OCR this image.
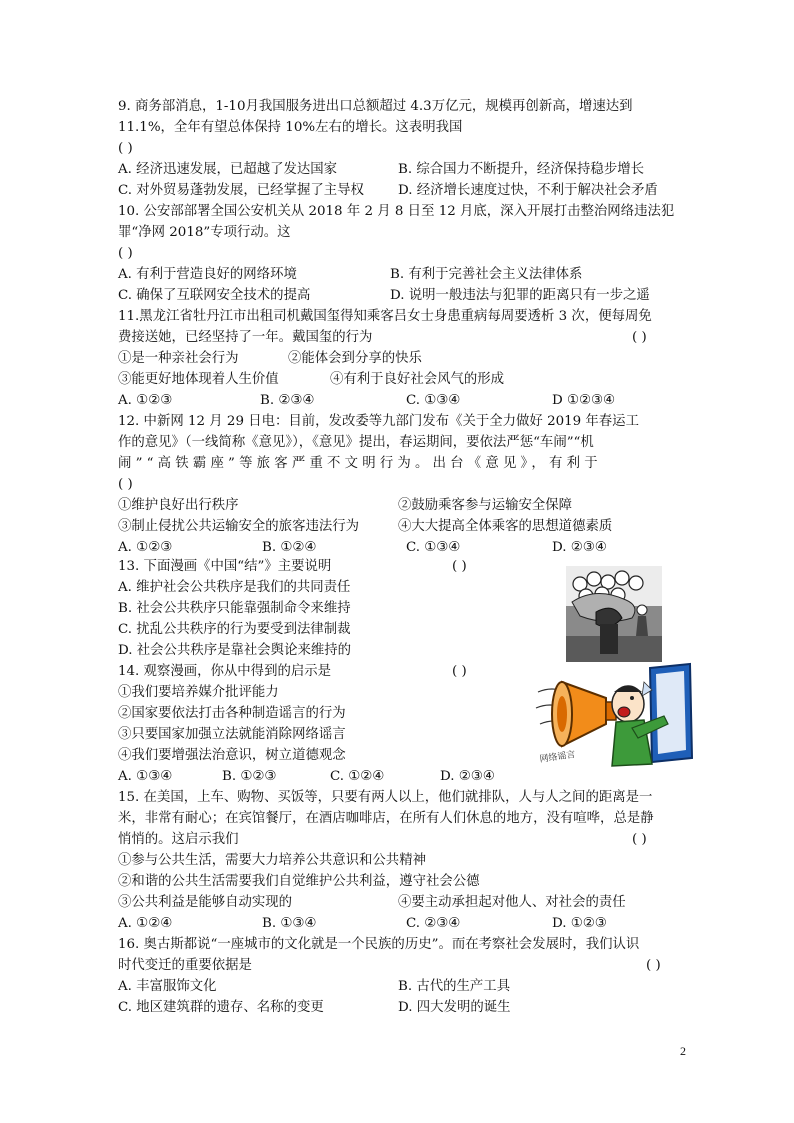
9. 商务部消息，1-10月我国服务进出口总额超过 4.3万亿元，规模再创新高，增速达到
11.1%，全年有望总体保持 10%左右的增长。这表明我国
( )
A. 经济迅速发展，已超越了发达国家	B. 综合国力不断提升，经济保持稳步增长
C. 对外贸易蓬勃发展，已经掌握了主导权	D. 经济增长速度过快，不利于解决社会矛盾
10. 公安部部署全国公安机关从 2018 年 2 月 8 日至 12 月底，深入开展打击整治网络违法犯
罪“净网 2018”专项行动。这
( )
A. 有利于营造良好的网络环境	B. 有利于完善社会主义法律体系
C. 确保了互联网安全技术的提高	D. 说明一般违法与犯罪的距离只有一步之遥
11.黑龙江省牡丹江市出租司机戴国玺得知乘客吕女士身患重病每周要透析 3 次，便每周免
费接送她，已经坚持了一年。戴国玺的行为	( )
①是一种亲社会行为	②能体会到分享的快乐
③能更好地体现着人生价值	④有利于良好社会风气的形成
A. ①②③	B. ②③④	C. ①③④	D ①②③④
12. 中新网 12 月 29 日电：目前，发改委等九部门发布《关于全力做好 2019 年春运工
作的意见》（一线简称《意见》），《意见》提出，春运期间，要依法严惩“车闹”“机
闹”“高铁霸座”等旅客严重不文明行为。出台《意见》，有利于
( )
①维护良好出行秩序	②鼓励乘客参与运输安全保障
③制止侵扰公共运输安全的旅客违法行为	④大大提高全体乘客的思想道德素质
A. ①②③	B. ①②④	C. ①③④	D. ②③④
13. 下面漫画《中国“结”》主要说明	( )
A. 维护社会公共秩序是我们的共同责任
B. 社会公共秩序只能靠强制命令来维持
C. 扰乱公共秩序的行为要受到法律制裁
D. 社会公共秩序是靠社会舆论来维持的
14. 观察漫画，你从中得到的启示是	( )
①我们要培养媒介批评能力
②国家要依法打击各种制造谣言的行为
③只要国家加强立法就能消除网络谣言
④我们要增强法治意识，树立道德观念
A. ①③④	B. ①②③	C. ①②④	D. ②③④
网络谣言
15. 在美国，上车、购物、买饭等，只要有两人以上，他们就排队，人与人之间的距离是一
米，非常有耐心；在宾馆餐厅，在酒店咖啡店，在所有人们休息的地方，没有喧哗，总是静
悄悄的。这启示我们	( )
①参与公共生活，需要大力培养公共意识和公共精神
②和谐的公共生活需要我们自觉维护公共利益，遵守社会公德
③公共利益是能够自动实现的	④要主动承担起对他人、对社会的责任
A. ①②④	B. ①③④	C. ②③④	D. ①②③
16. 奥古斯都说“一座城市的文化就是一个民族的历史”。而在考察社会发展时，我们认识
时代变迁的重要依据是	( )
A. 丰富服饰文化	B. 古代的生产工具
C. 地区建筑群的遗存、名称的变更	D. 四大发明的诞生
2
